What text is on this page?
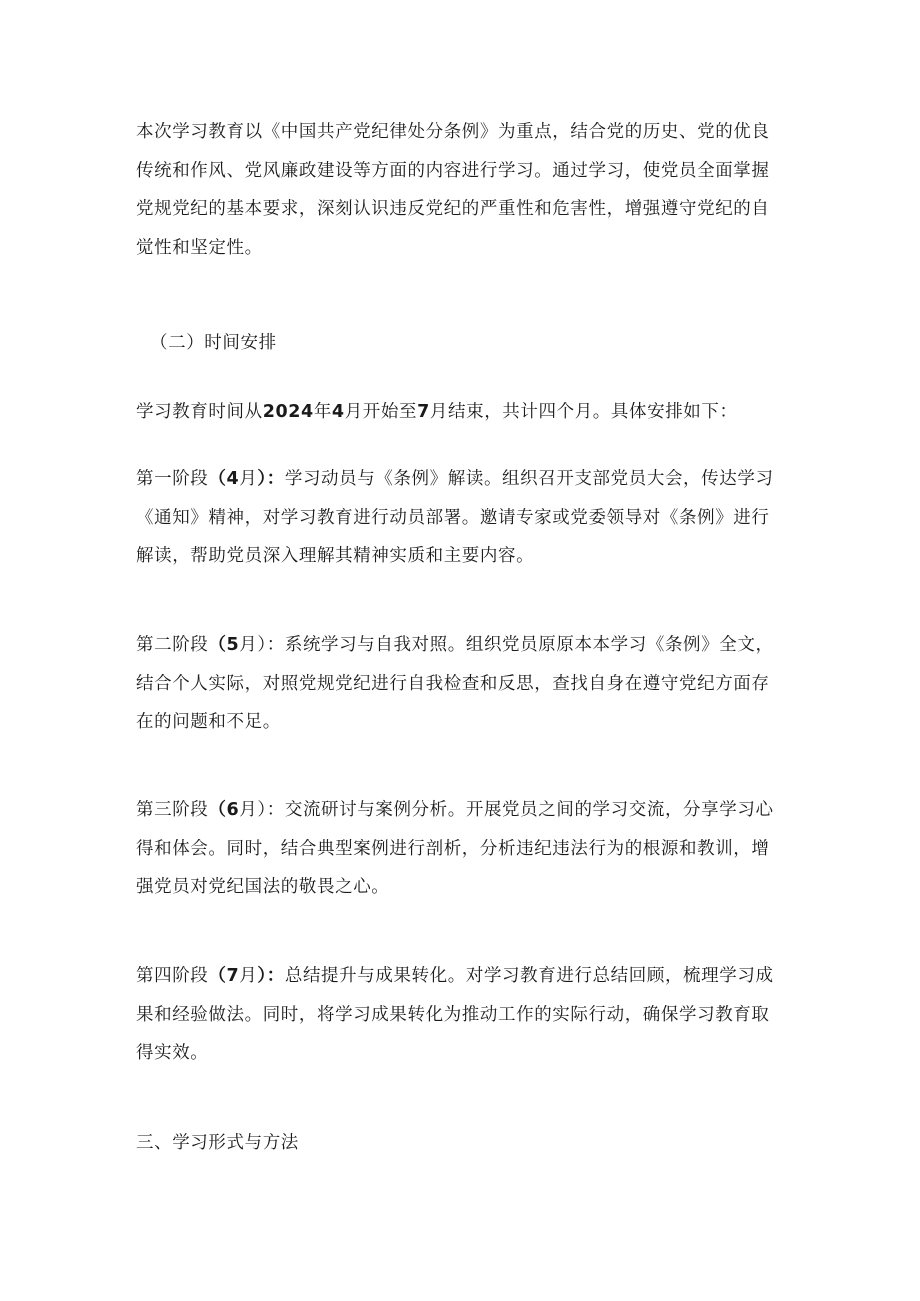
本次学习教育以《中国共产党纪律处分条例》为重点，结合党的历史、党的优良
传统和作风、党风廉政建设等方面的内容进行学习。通过学习，使党员全面掌握
党规党纪的基本要求，深刻认识违反党纪的严重性和危害性，增强遵守党纪的自
觉性和坚定性。

（二）时间安排

学习教育时间从2024年4月开始至7月结束，共计四个月。具体安排如下：

第一阶段（4月）：学习动员与《条例》解读。组织召开支部党员大会，传达学习
《通知》精神，对学习教育进行动员部署。邀请专家或党委领导对《条例》进行
解读，帮助党员深入理解其精神实质和主要内容。

第二阶段（5月）：系统学习与自我对照。组织党员原原本本学习《条例》全文，
结合个人实际，对照党规党纪进行自我检查和反思，查找自身在遵守党纪方面存
在的问题和不足。

第三阶段（6月）：交流研讨与案例分析。开展党员之间的学习交流，分享学习心
得和体会。同时，结合典型案例进行剖析，分析违纪违法行为的根源和教训，增
强党员对党纪国法的敬畏之心。

第四阶段（7月）：总结提升与成果转化。对学习教育进行总结回顾，梳理学习成
果和经验做法。同时，将学习成果转化为推动工作的实际行动，确保学习教育取
得实效。

三、学习形式与方法
